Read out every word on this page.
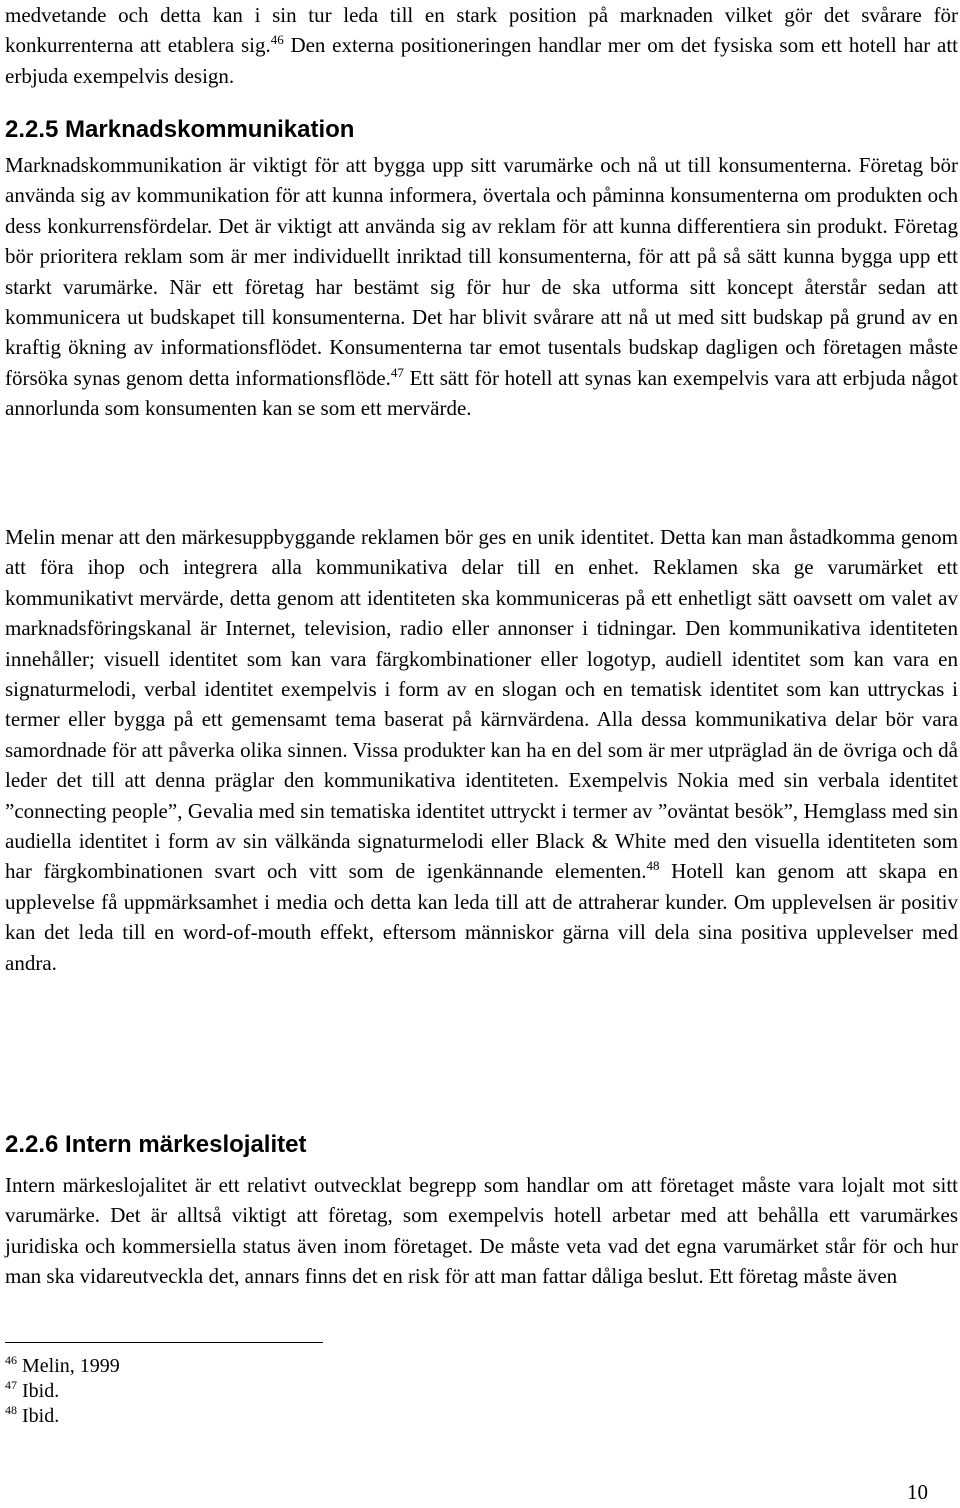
medvetande och detta kan i sin tur leda till en stark position på marknaden vilket gör det svårare för konkurrenterna att etablera sig.$^{46}$ Den externa positioneringen handlar mer om det fysiska som ett hotell har att erbjuda exempelvis design.

2.2.5 Marknadskommunikation

Marknadskommunikation är viktigt för att bygga upp sitt varumärke och nå ut till konsumenterna. Företag bör använda sig av kommunikation för att kunna informera, övertala och påminna konsumenterna om produkten och dess konkurrensfördelar. Det är viktigt att använda sig av reklam för att kunna differentiera sin produkt. Företag bör prioritera reklam som är mer individuellt inriktad till konsumenterna, för att på så sätt kunna bygga upp ett starkt varumärke. När ett företag har bestämt sig för hur de ska utforma sitt koncept återstår sedan att kommunicera ut budskapet till konsumenterna. Det har blivit svårare att nå ut med sitt budskap på grund av en kraftig ökning av informationsflödet. Konsumenterna tar emot tusentals budskap dagligen och företagen måste försöka synas genom detta informationsflöde.$^{47}$ Ett sätt för hotell att synas kan exempelvis vara att erbjuda något annorlunda som konsumenten kan se som ett mervärde.

Melin menar att den märkesuppbyggande reklamen bör ges en unik identitet. Detta kan man åstadkomma genom att föra ihop och integrera alla kommunikativa delar till en enhet. Reklamen ska ge varumärket ett kommunikativt mervärde, detta genom att identiteten ska kommuniceras på ett enhetligt sätt oavsett om valet av marknadsföringskanal är Internet, television, radio eller annonser i tidningar. Den kommunikativa identiteten innehåller; visuell identitet som kan vara färgkombinationer eller logotyp, audiell identitet som kan vara en signaturmelodi, verbal identitet exempelvis i form av en slogan och en tematisk identitet som kan uttryckas i termer eller bygga på ett gemensamt tema baserat på kärnvärdena. Alla dessa kommunikativa delar bör vara samordnade för att påverka olika sinnen. Vissa produkter kan ha en del som är mer utpräglad än de övriga och då leder det till att denna präglar den kommunikativa identiteten. Exempelvis Nokia med sin verbala identitet ”connecting people”, Gevalia med sin tematiska identitet uttryckt i termer av ”oväntat besök”, Hemglass med sin audiella identitet i form av sin välkända signaturmelodi eller Black & White med den visuella identiteten som har färgkombinationen svart och vitt som de igenkännande elementen.$^{48}$ Hotell kan genom att skapa en upplevelse få uppmärksamhet i media och detta kan leda till att de attraherar kunder. Om upplevelsen är positiv kan det leda till en word-of-mouth effekt, eftersom människor gärna vill dela sina positiva upplevelser med andra.

2.2.6 Intern märkeslojalitet

Intern märkeslojalitet är ett relativt outvecklat begrepp som handlar om att företaget måste vara lojalt mot sitt varumärke. Det är alltså viktigt att företag, som exempelvis hotell arbetar med att behålla ett varumärkes juridiska och kommersiella status även inom företaget. De måste veta vad det egna varumärket står för och hur man ska vidareutveckla det, annars finns det en risk för att man fattar dåliga beslut. Ett företag måste även

$^{46}$ Melin, 1999
$^{47}$ Ibid.
$^{48}$ Ibid.
10
